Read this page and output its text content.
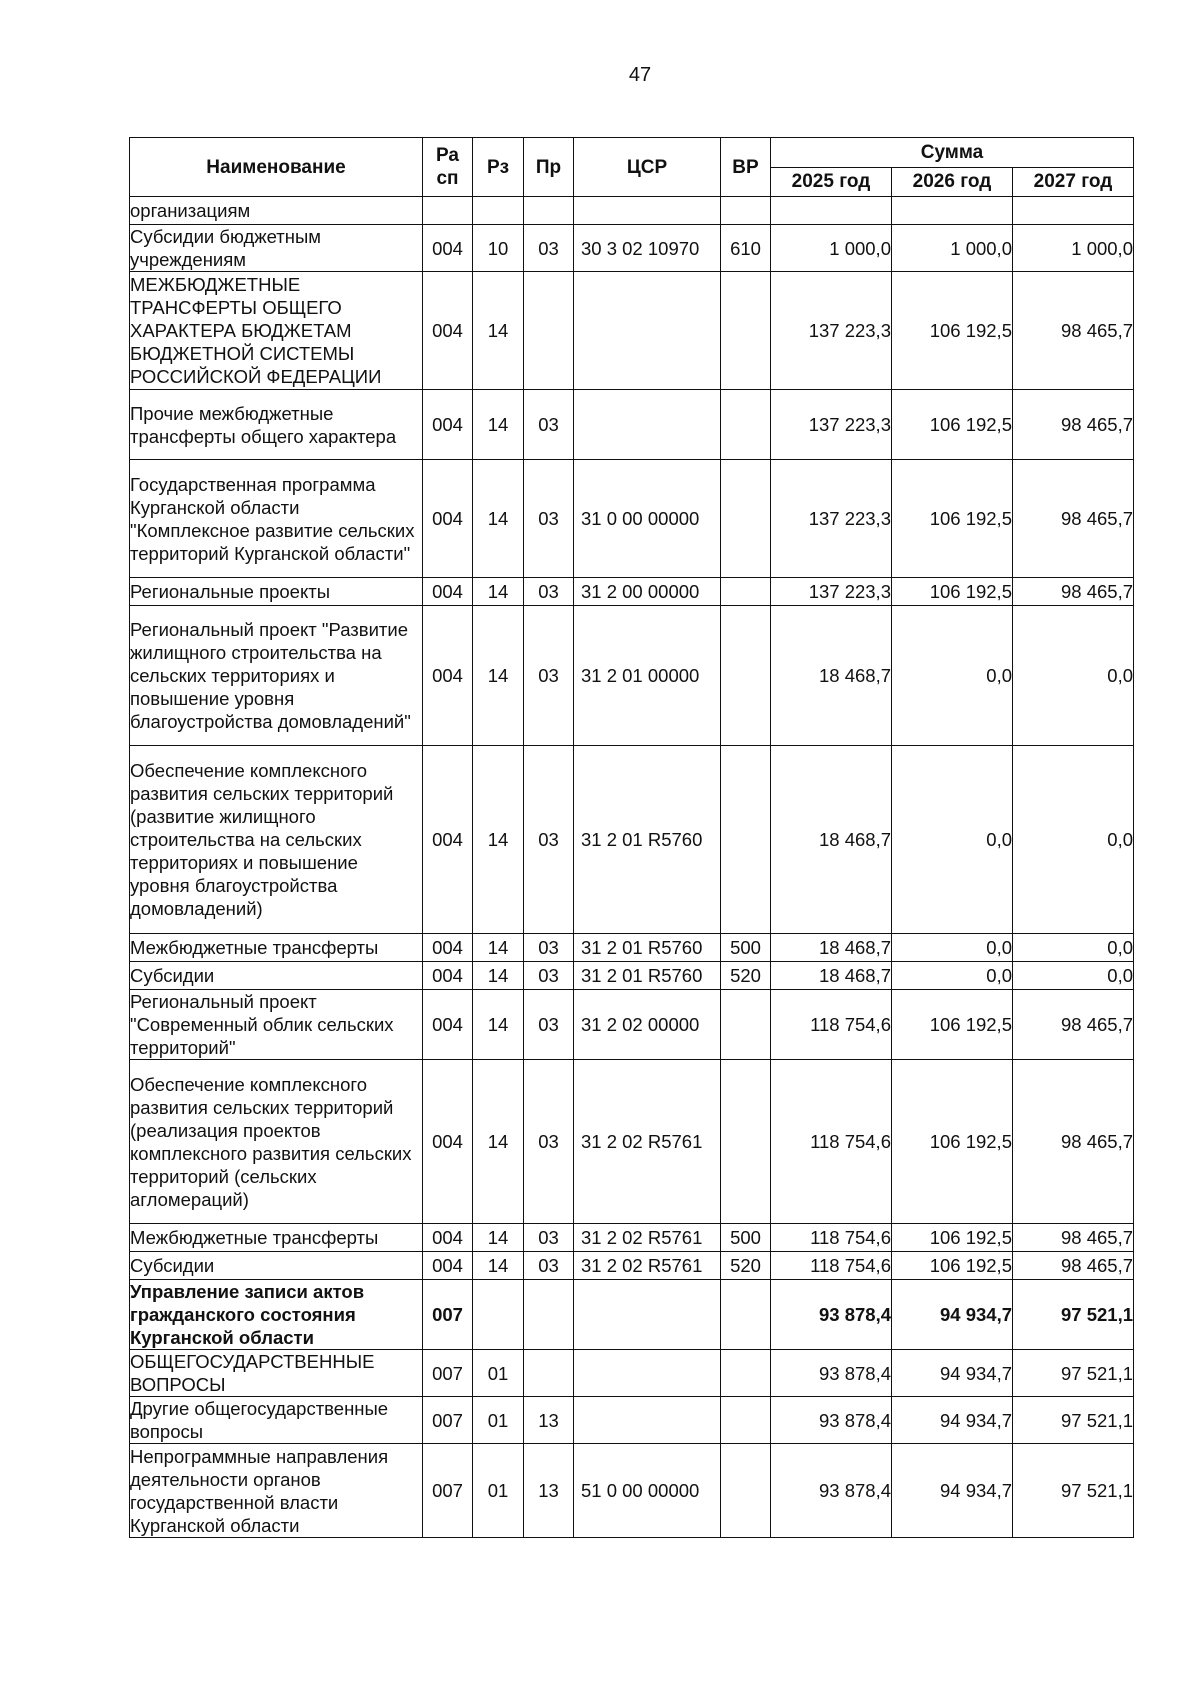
47
Наименование	Ра сп	Рз	Пр	ЦСР	ВР	Сумма		
						2025 год	2026 год	2027 год
организациям								
Субсидии бюджетным учреждениям	004	10	03	30 3 02 10970	610	1 000,0	1 000,0	1 000,0
МЕЖБЮДЖЕТНЫЕ ТРАНСФЕРТЫ ОБЩЕГО ХАРАКТЕРА БЮДЖЕТАМ БЮДЖЕТНОЙ СИСТЕМЫ РОССИЙСКОЙ ФЕДЕРАЦИИ	004	14				137 223,3	106 192,5	98 465,7
Прочие межбюджетные трансферты общего характера	004	14	03			137 223,3	106 192,5	98 465,7
Государственная программа Курганской области "Комплексное развитие сельских территорий Курганской области"	004	14	03	31 0 00 00000		137 223,3	106 192,5	98 465,7
Региональные проекты	004	14	03	31 2 00 00000		137 223,3	106 192,5	98 465,7
Региональный проект "Развитие жилищного строительства на сельских территориях и повышение уровня благоустройства домовладений"	004	14	03	31 2 01 00000		18 468,7	0,0	0,0
Обеспечение комплексного развития сельских территорий (развитие жилищного строительства на сельских территориях и повышение уровня благоустройства домовладений)	004	14	03	31 2 01 R5760		18 468,7	0,0	0,0
Межбюджетные трансферты	004	14	03	31 2 01 R5760	500	18 468,7	0,0	0,0
Субсидии	004	14	03	31 2 01 R5760	520	18 468,7	0,0	0,0
Региональный проект "Современный облик сельских территорий"	004	14	03	31 2 02 00000		118 754,6	106 192,5	98 465,7
Обеспечение комплексного развития сельских территорий (реализация проектов комплексного развития сельских территорий (сельских агломераций)	004	14	03	31 2 02 R5761		118 754,6	106 192,5	98 465,7
Межбюджетные трансферты	004	14	03	31 2 02 R5761	500	118 754,6	106 192,5	98 465,7
Субсидии	004	14	03	31 2 02 R5761	520	118 754,6	106 192,5	98 465,7
Управление записи актов гражданского состояния Курганской области	007					93 878,4	94 934,7	97 521,1
ОБЩЕГОСУДАРСТВЕННЫЕ ВОПРОСЫ	007	01				93 878,4	94 934,7	97 521,1
Другие общегосударственные вопросы	007	01	13			93 878,4	94 934,7	97 521,1
Непрограммные направления деятельности органов государственной власти Курганской области	007	01	13	51 0 00 00000		93 878,4	94 934,7	97 521,1
